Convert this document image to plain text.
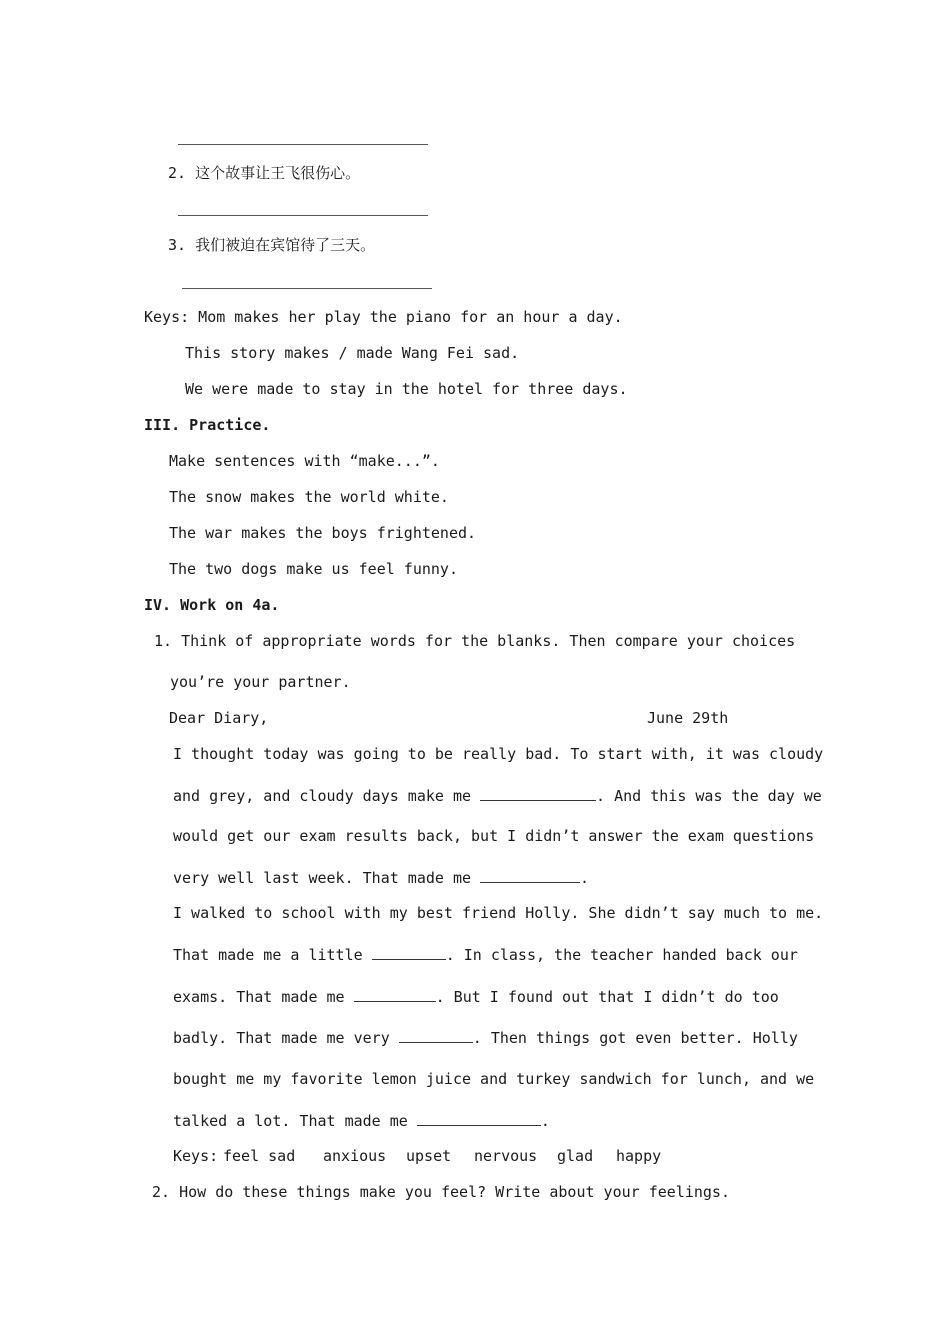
2. 这个故事让王飞很伤心。
3. 我们被迫在宾馆待了三天。
Keys: Mom makes her play the piano for an hour a day.
This story makes / made Wang Fei sad.
We were made to stay in the hotel for three days.
III. Practice.
Make sentences with “make...”.
The snow makes the world white.
The war makes the boys frightened.
The two dogs make us feel funny.
IV. Work on 4a.
1. Think of appropriate words for the blanks. Then compare your choices
you’re your partner.
Dear Diary,	June 29th
I thought today was going to be really bad. To start with, it was cloudy
and grey, and cloudy days make me	. And this was the day we
would get our exam results back, but I didn’t answer the exam questions
very well last week. That made me	.
I walked to school with my best friend Holly. She didn’t say much to me.
That made me a little	. In class, the teacher handed back our
exams. That made me	. But I found out that I didn’t do too
badly. That made me very	. Then things got even better. Holly
bought me my favorite lemon juice and turkey sandwich for lunch, and we
talked a lot. That made me	.
Keys: feel sad anxious upset nervous glad happy
2. How do these things make you feel? Write about your feelings.
